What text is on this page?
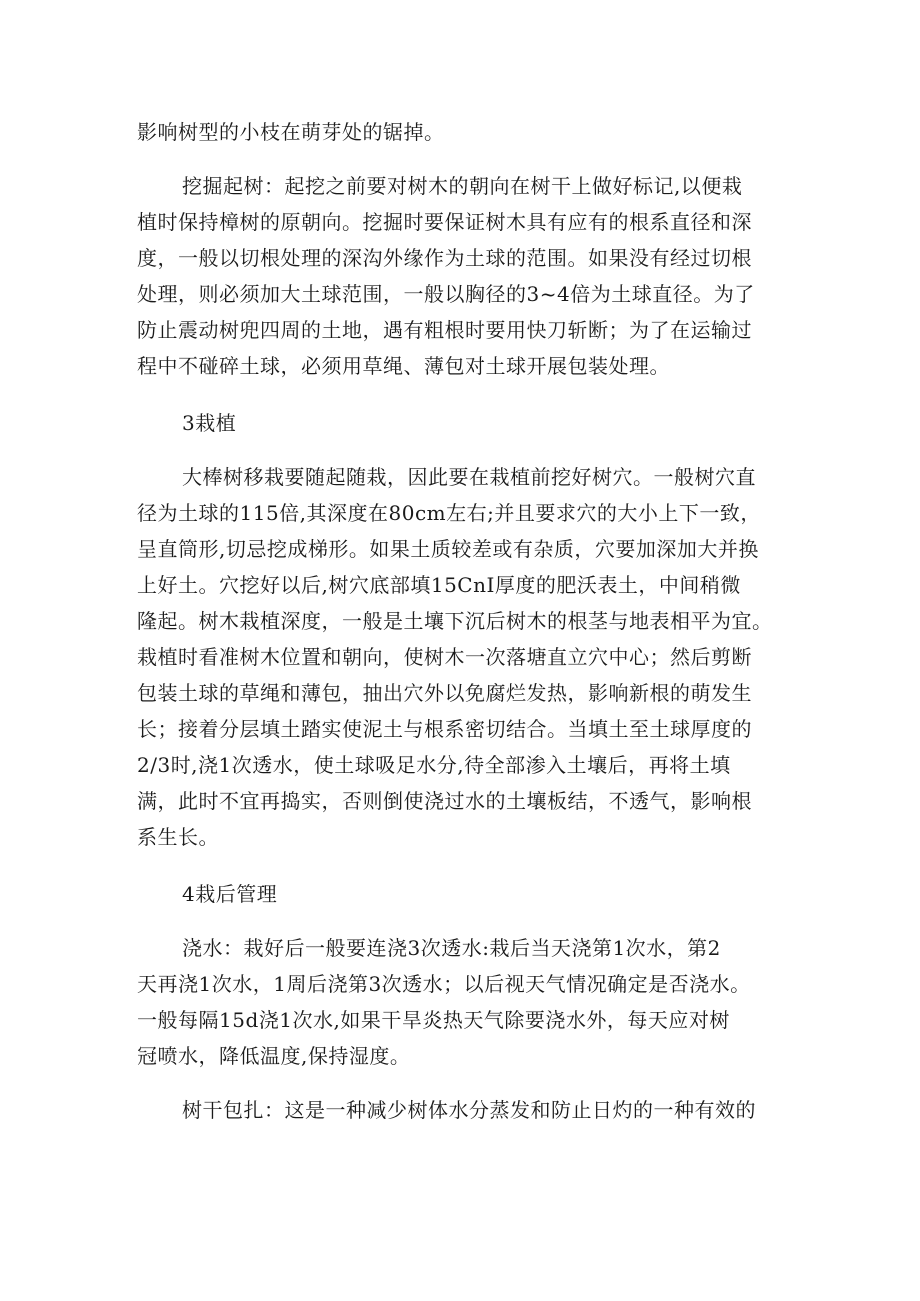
影响树型的小枝在萌芽处的锯掉。
挖掘起树：起挖之前要对树木的朝向在树干上做好标记,以便栽
植时保持樟树的原朝向。挖掘时要保证树木具有应有的根系直径和深
度，一般以切根处理的深沟外缘作为土球的范围。如果没有经过切根
处理，则必须加大土球范围，一般以胸径的3~4倍为土球直径。为了
防止震动树兜四周的土地，遇有粗根时要用快刀斩断；为了在运输过
程中不碰碎土球，必须用草绳、薄包对土球开展包装处理。
3栽植
大棒树移栽要随起随栽，因此要在栽植前挖好树穴。一般树穴直
径为土球的115倍,其深度在80cm左右;并且要求穴的大小上下一致，
呈直筒形,切忌挖成梯形。如果土质较差或有杂质，穴要加深加大并换
上好土。穴挖好以后,树穴底部填15CnI厚度的肥沃表土，中间稍微
隆起。树木栽植深度，一般是土壤下沉后树木的根茎与地表相平为宜。
栽植时看准树木位置和朝向，使树木一次落塘直立穴中心；然后剪断
包装土球的草绳和薄包，抽出穴外以免腐烂发热，影响新根的萌发生
长；接着分层填土踏实使泥土与根系密切结合。当填土至土球厚度的
2/3时,浇1次透水，使土球吸足水分,待全部渗入土壤后，再将土填
满，此时不宜再捣实，否则倒使浇过水的土壤板结，不透气，影响根
系生长。
4栽后管理
浇水：栽好后一般要连浇3次透水:栽后当天浇第1次水，第2
天再浇1次水，1周后浇第3次透水；以后视天气情况确定是否浇水。
一般每隔15d浇1次水,如果干旱炎热天气除要浇水外，每天应对树
冠喷水，降低温度,保持湿度。
树干包扎：这是一种减少树体水分蒸发和防止日灼的一种有效的
